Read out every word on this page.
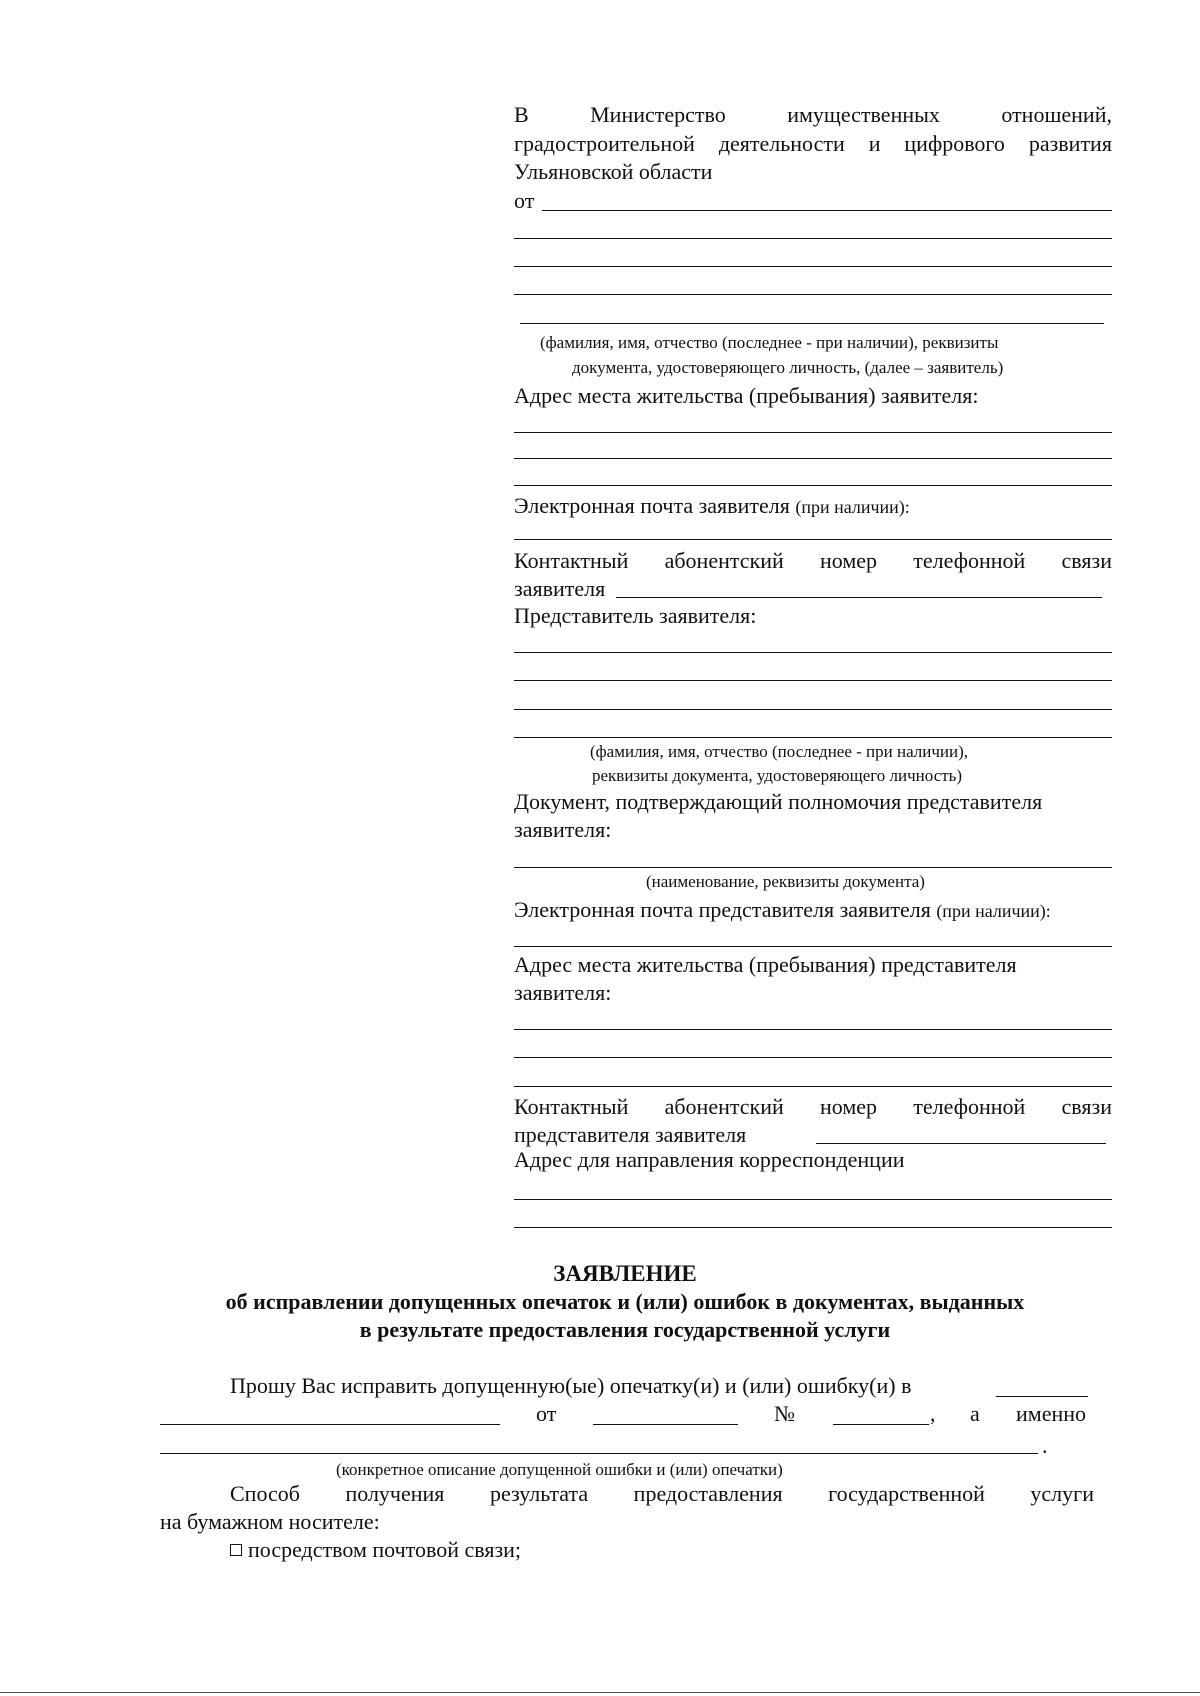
В	Министерство	имущественных	отношений,
градостроительной деятельности и цифрового развития
Ульяновской области
от
(фамилия, имя, отчество (последнее - при наличии), реквизиты
документа, удостоверяющего личность, (далее – заявитель)
Адрес места жительства (пребывания) заявителя:
Электронная почта заявителя (при наличии):
Контактный абонентский номер телефонной связи
заявителя
Представитель заявителя:
(фамилия, имя, отчество (последнее - при наличии),
реквизиты документа, удостоверяющего личность)
Документ, подтверждающий полномочия представителя
заявителя:
(наименование, реквизиты документа)
Электронная почта представителя заявителя (при наличии):
Адрес места жительства (пребывания) представителя
заявителя:
Контактный абонентский номер телефонной связи
представителя заявителя
Адрес для направления корреспонденции
ЗАЯВЛЕНИЕ
об исправлении допущенных опечаток и (или) ошибок в документах, выданных
в результате предоставления государственной услуги
Прошу Вас исправить допущенную(ые) опечатку(и) и (или) ошибку(и) в
от	№	, а именно
.
(конкретное описание допущенной ошибки и (или) опечатки)
Способ получения результата предоставления государственной услуги
на бумажном носителе:
посредством почтовой связи;
